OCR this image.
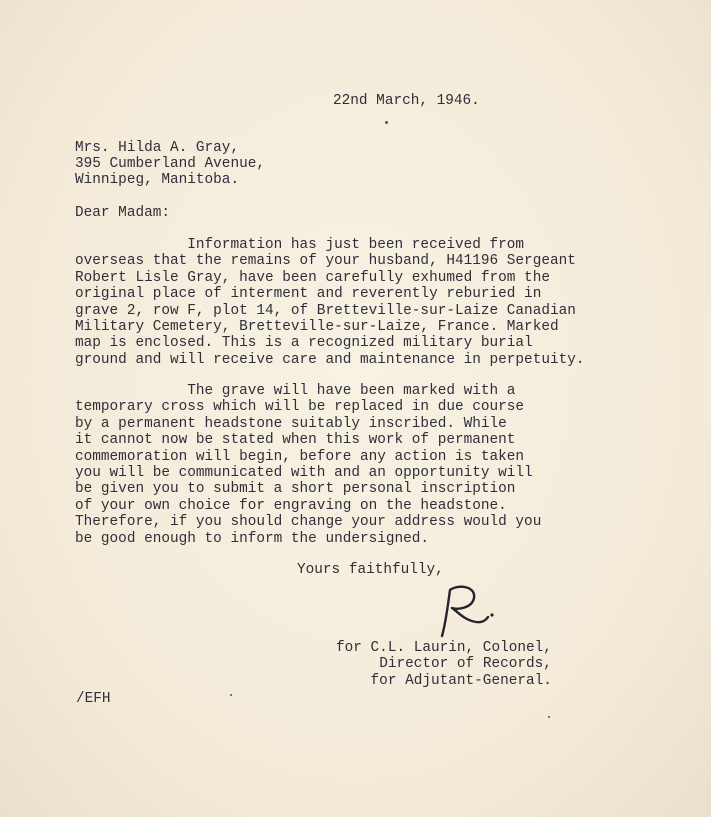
22nd March, 1946.
Mrs. Hilda A. Gray,
395 Cumberland Avenue,
Winnipeg, Manitoba.
Dear Madam:
Information has just been received from
overseas that the remains of your husband, H41196 Sergeant
Robert Lisle Gray, have been carefully exhumed from the
original place of interment and reverently reburied in
grave 2, row F, plot 14, of Bretteville-sur-Laize Canadian
Military Cemetery, Bretteville-sur-Laize, France. Marked
map is enclosed. This is a recognized military burial
ground and will receive care and maintenance in perpetuity.
The grave will have been marked with a
temporary cross which will be replaced in due course
by a permanent headstone suitably inscribed. While
it cannot now be stated when this work of permanent
commemoration will begin, before any action is taken
you will be communicated with and an opportunity will
be given you to submit a short personal inscription
of your own choice for engraving on the headstone.
Therefore, if you should change your address would you
be good enough to inform the undersigned.
Yours faithfully,
for C.L. Laurin, Colonel,
Director of Records,
for Adjutant-General.
/EFH
